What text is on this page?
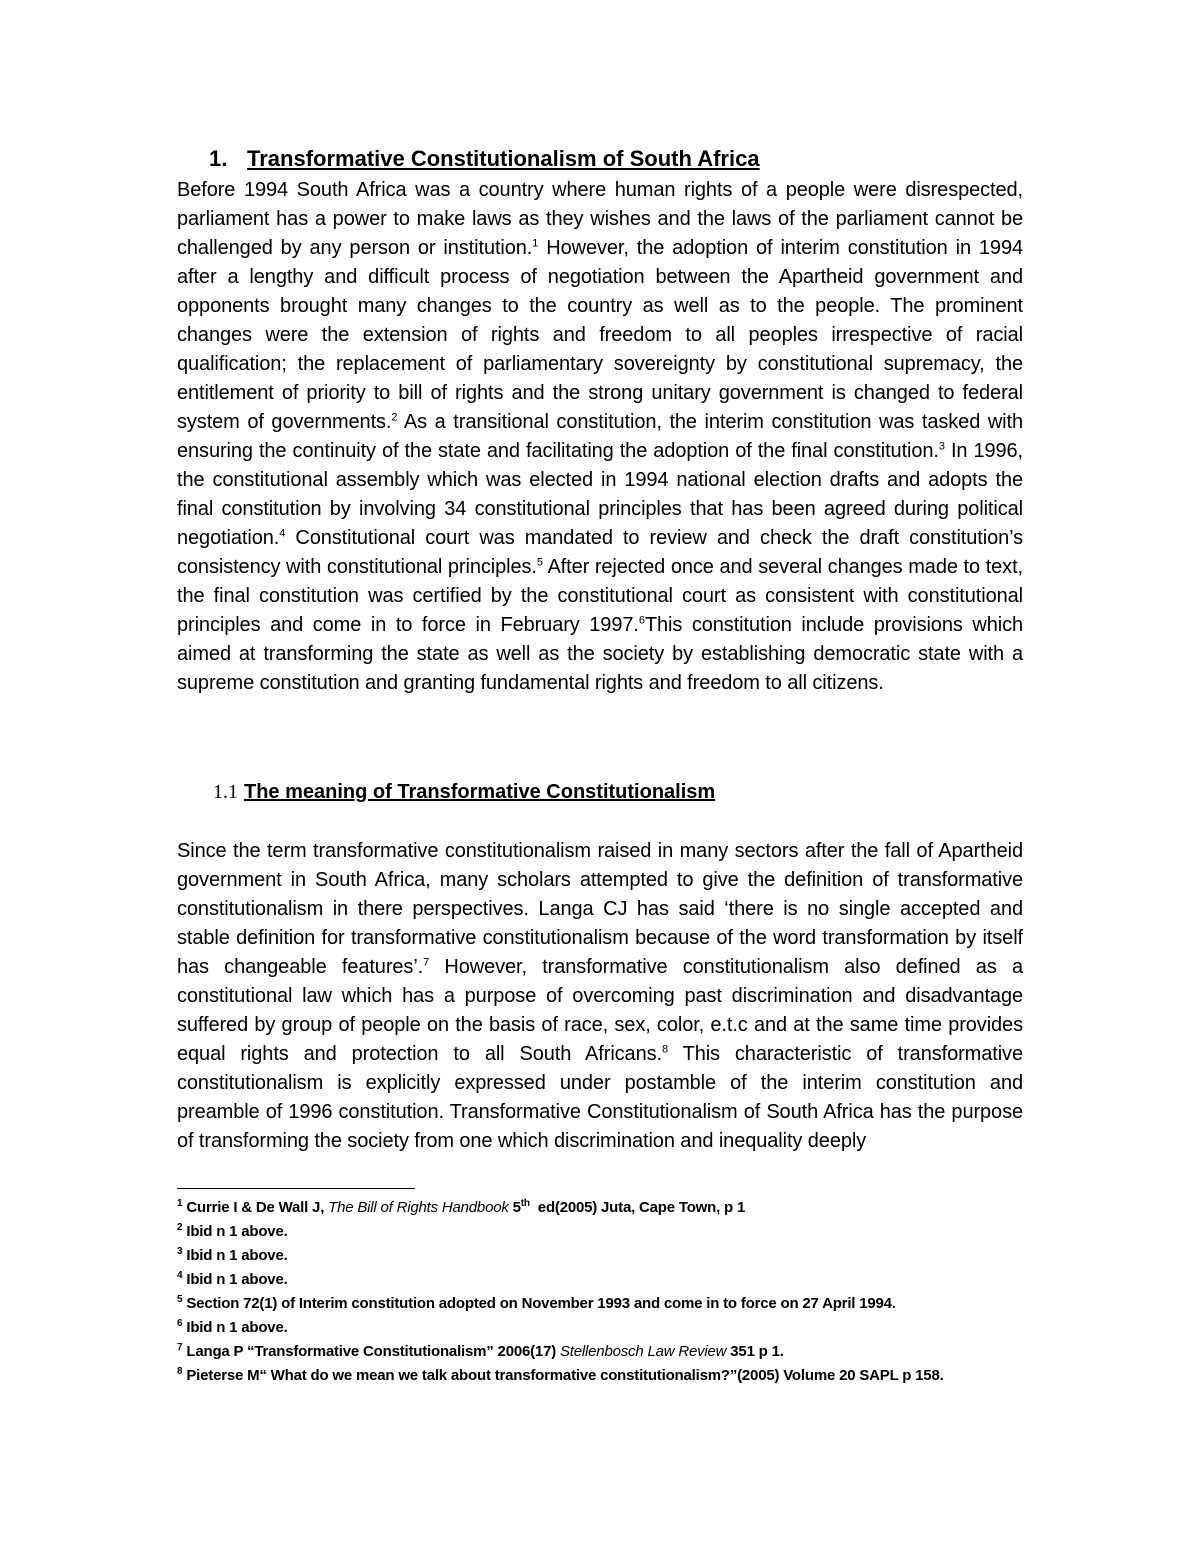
1. Transformative Constitutionalism of South Africa

Before 1994 South Africa was a country where human rights of a people were disrespected, parliament has a power to make laws as they wishes and the laws of the parliament cannot be challenged by any person or institution.$^1$ However, the adoption of interim constitution in 1994 after a lengthy and difficult process of negotiation between the Apartheid government and opponents brought many changes to the country as well as to the people. The prominent changes were the extension of rights and freedom to all peoples irrespective of racial qualification; the replacement of parliamentary sovereignty by constitutional supremacy, the entitlement of priority to bill of rights and the strong unitary government is changed to federal system of governments.$^2$ As a transitional constitution, the interim constitution was tasked with ensuring the continuity of the state and facilitating the adoption of the final constitution.$^3$ In 1996, the constitutional assembly which was elected in 1994 national election drafts and adopts the final constitution by involving 34 constitutional principles that has been agreed during political negotiation.$^4$ Constitutional court was mandated to review and check the draft constitution’s consistency with constitutional principles.$^5$ After rejected once and several changes made to text, the final constitution was certified by the constitutional court as consistent with constitutional principles and come in to force in February 1997.$^6$This constitution include provisions which aimed at transforming the state as well as the society by establishing democratic state with a supreme constitution and granting fundamental rights and freedom to all citizens.

1.1 The meaning of Transformative Constitutionalism

Since the term transformative constitutionalism raised in many sectors after the fall of Apartheid government in South Africa, many scholars attempted to give the definition of transformative constitutionalism in there perspectives. Langa CJ has said ‘there is no single accepted and stable definition for transformative constitutionalism because of the word transformation by itself has changeable features’.$^7$ However, transformative constitutionalism also defined as a constitutional law which has a purpose of overcoming past discrimination and disadvantage suffered by group of people on the basis of race, sex, color, e.t.c and at the same time provides equal rights and protection to all South Africans.$^8$ This characteristic of transformative constitutionalism is explicitly expressed under postamble of the interim constitution and preamble of 1996 constitution. Transformative Constitutionalism of South Africa has the purpose of transforming the society from one which discrimination and inequality deeply

$^1$ Currie I & De Wall J, The Bill of Rights Handbook 5th ed(2005) Juta, Cape Town, p 1

$^2$ Ibid n 1 above.

$^3$ Ibid n 1 above.

$^4$ Ibid n 1 above.

$^5$ Section 72(1) of Interim constitution adopted on November 1993 and come in to force on 27 April 1994.

$^6$ Ibid n 1 above.

$^7$ Langa P “Transformative Constitutionalism” 2006(17) Stellenbosch Law Review 351 p 1.

$^8$ Pieterse M“ What do we mean we talk about transformative constitutionalism?”(2005) Volume 20 SAPL p 158.
